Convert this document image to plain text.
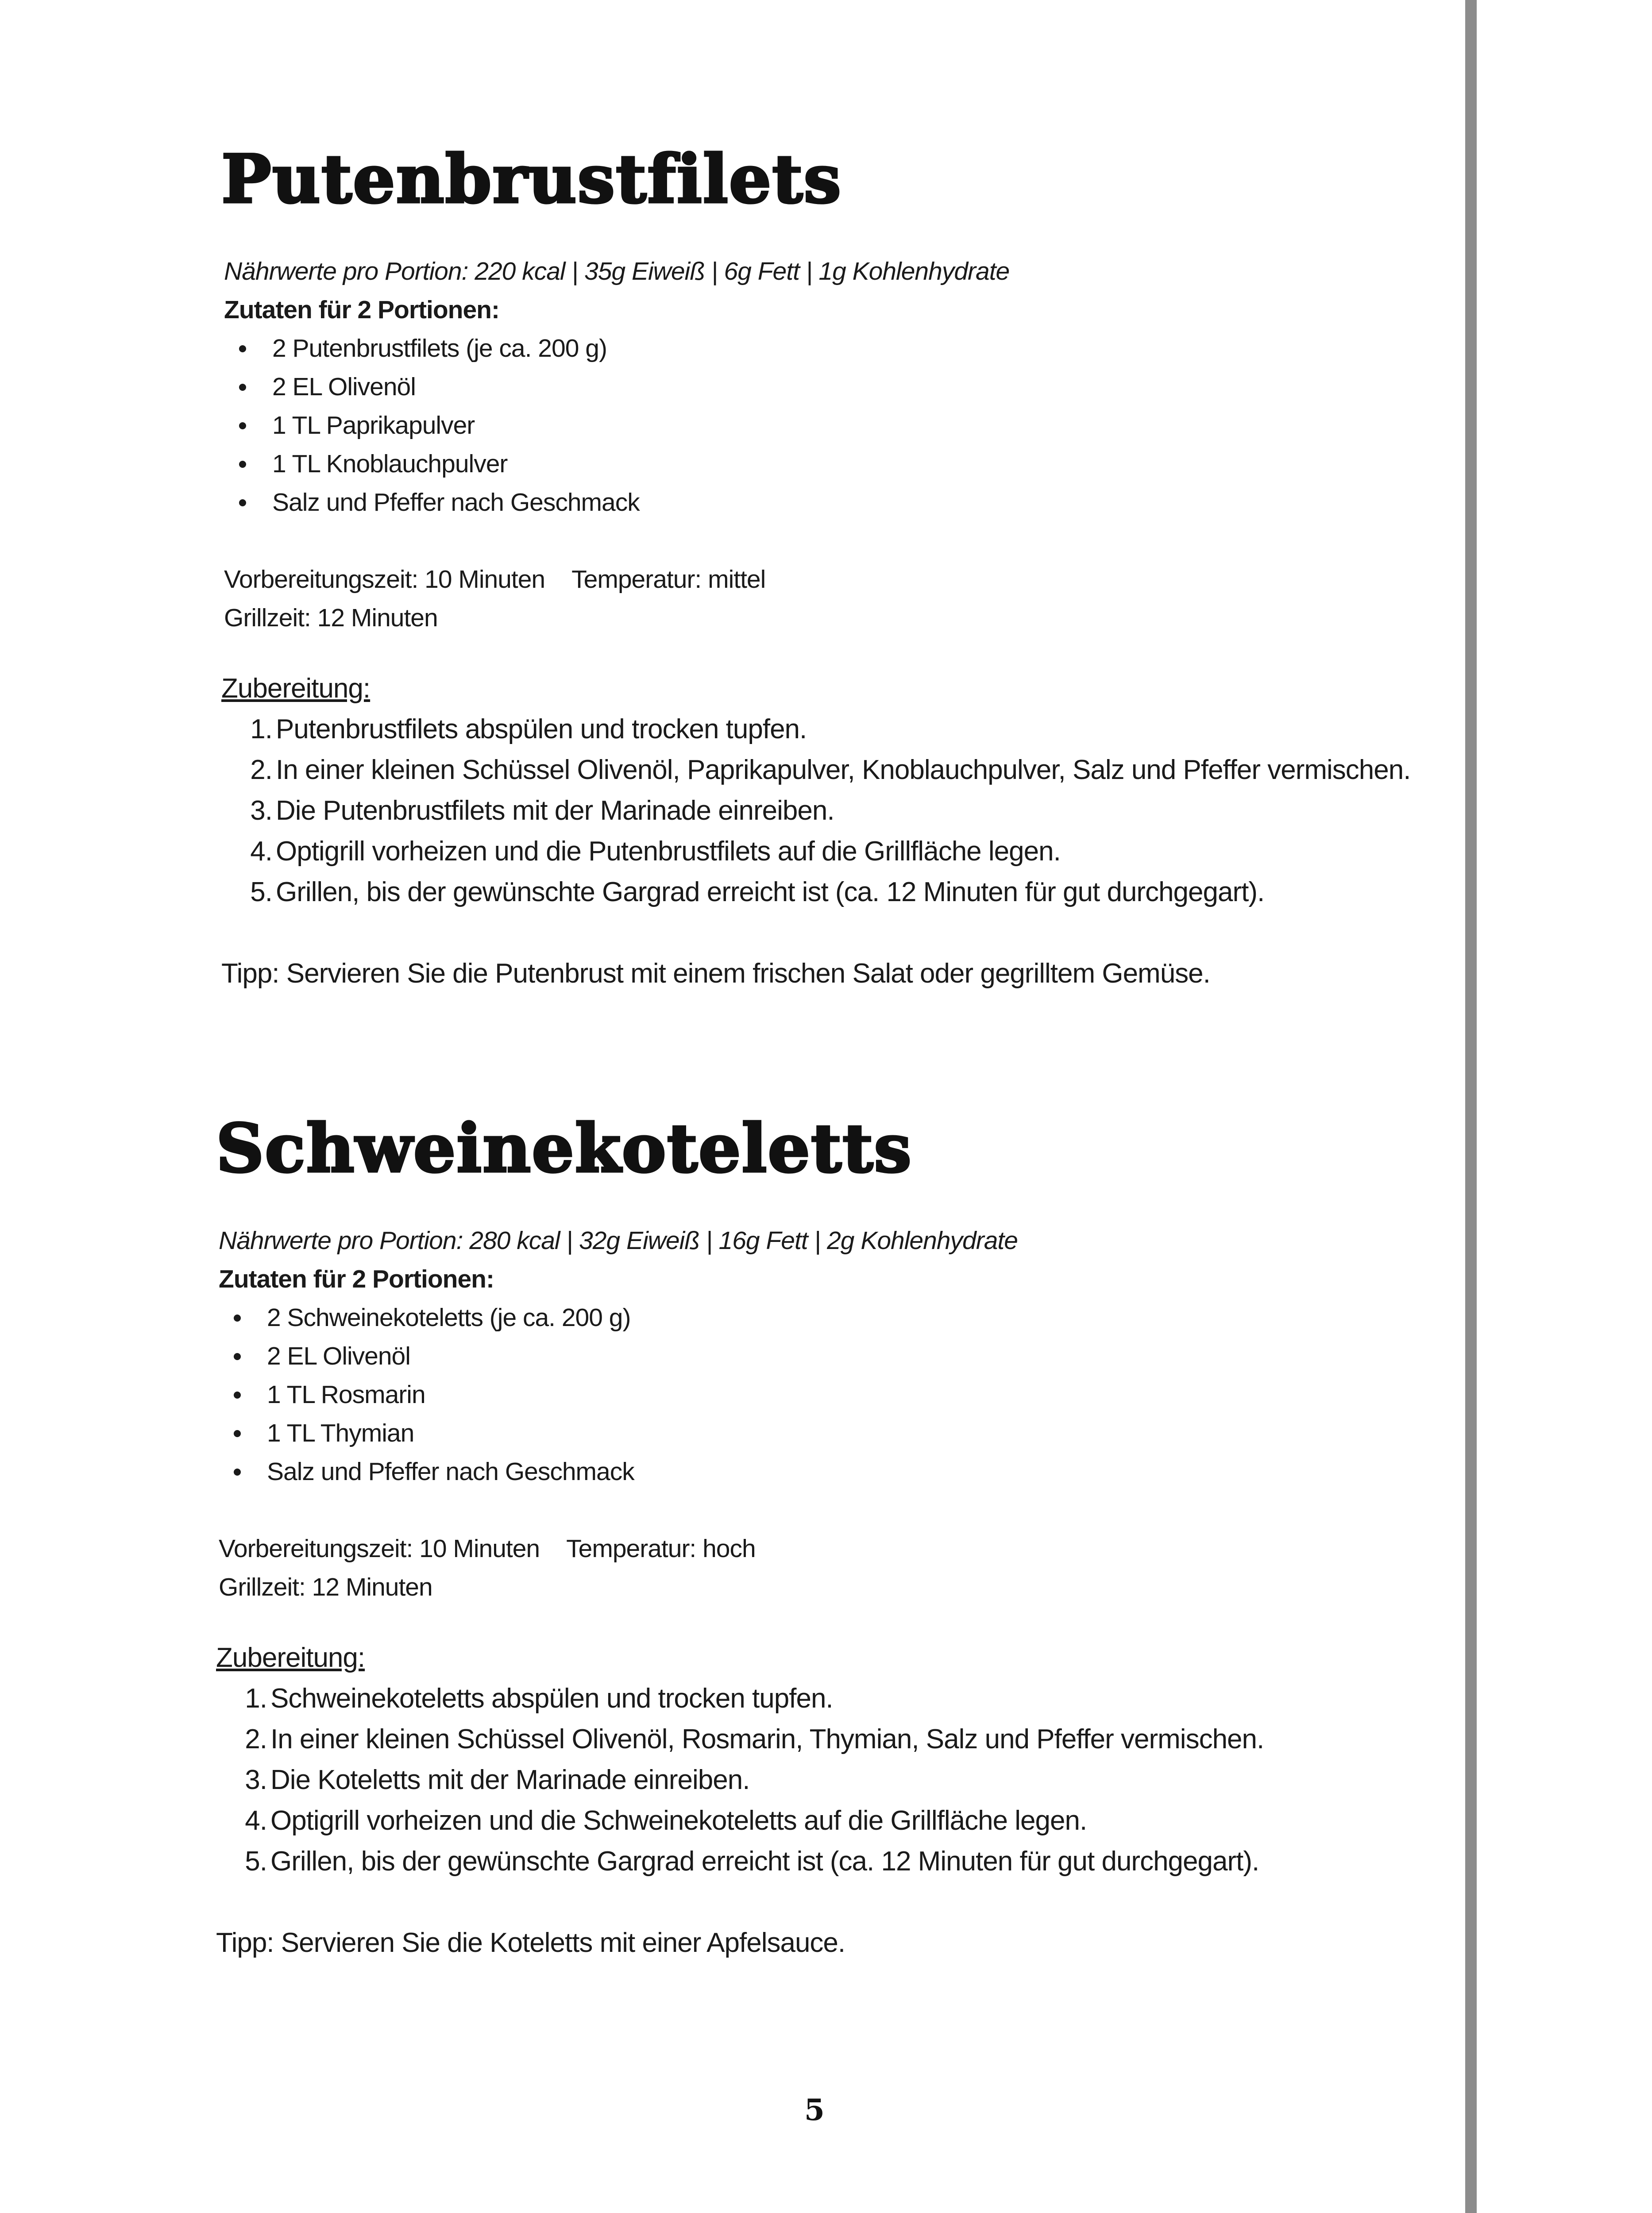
Putenbrustfilets
Nährwerte pro Portion: 220 kcal | 35g Eiweiß | 6g Fett | 1g Kohlenhydrate
Zutaten für 2 Portionen:
2 Putenbrustfilets (je ca. 200 g)
2 EL Olivenöl
1 TL Paprikapulver
1 TL Knoblauchpulver
Salz und Pfeffer nach Geschmack
Vorbereitungszeit: 10 Minuten Temperatur: mittel
Grillzeit: 12 Minuten
Zubereitung:
1. Putenbrustfilets abspülen und trocken tupfen.
2. In einer kleinen Schüssel Olivenöl, Paprikapulver, Knoblauchpulver, Salz und Pfeffer vermischen.
3. Die Putenbrustfilets mit der Marinade einreiben.
4. Optigrill vorheizen und die Putenbrustfilets auf die Grillfläche legen.
5. Grillen, bis der gewünschte Gargrad erreicht ist (ca. 12 Minuten für gut durchgegart).
Tipp: Servieren Sie die Putenbrust mit einem frischen Salat oder gegrilltem Gemüse.
Schweinekoteletts
Nährwerte pro Portion: 280 kcal | 32g Eiweiß | 16g Fett | 2g Kohlenhydrate
Zutaten für 2 Portionen:
2 Schweinekoteletts (je ca. 200 g)
2 EL Olivenöl
1 TL Rosmarin
1 TL Thymian
Salz und Pfeffer nach Geschmack
Vorbereitungszeit: 10 Minuten Temperatur: hoch
Grillzeit: 12 Minuten
Zubereitung:
1. Schweinekoteletts abspülen und trocken tupfen.
2. In einer kleinen Schüssel Olivenöl, Rosmarin, Thymian, Salz und Pfeffer vermischen.
3. Die Koteletts mit der Marinade einreiben.
4. Optigrill vorheizen und die Schweinekoteletts auf die Grillfläche legen.
5. Grillen, bis der gewünschte Gargrad erreicht ist (ca. 12 Minuten für gut durchgegart).
Tipp: Servieren Sie die Koteletts mit einer Apfelsauce.
5
